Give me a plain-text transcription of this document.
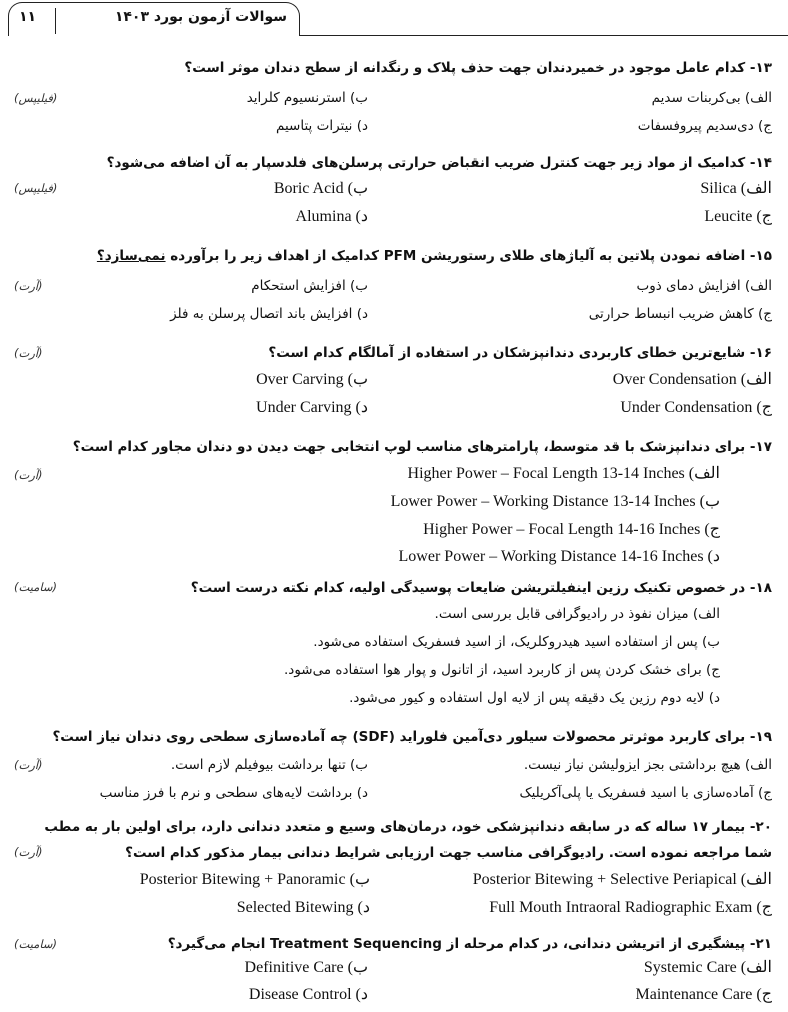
۱۱	سوالات آزمون بورد ۱۴۰۳
۱۳- کدام عامل موجود در خمیردندان جهت حذف پلاک و رنگدانه از سطح دندان موثر است؟
(فیلیپس)	الف) بی‌کربنات سدیم
ب) استرنسیوم کلراید
ج) دی‌سدیم پیروفسفات
د) نیترات پتاسیم
۱۴- کدامیک از مواد زیر جهت کنترل ضریب انقباض حرارتی پرسلن‌های فلدسپار به آن اضافه می‌شود؟
(فیلیپس)	الف) Silica
ب) Boric Acid
ج) Leucite
د) Alumina
۱۵- اضافه نمودن پلاتین به آلیاژهای طلای رستوریشن PFM کدامیک از اهداف زیر را برآورده نمی‌سازد؟
(آرت)	الف) افزایش دمای ذوب
ب) افزایش استحکام
ج) کاهش ضریب انبساط حرارتی
د) افزایش باند اتصال پرسلن به فلز
۱۶- شایع‌ترین خطای کاربردی دندانپزشکان در استفاده از آمالگام کدام است؟
(آرت)
الف) Over Condensation
ب) Over Carving
ج) Under Condensation
د) Under Carving
۱۷- برای دندانپزشک با قد متوسط، پارامترهای مناسب لوپ انتخابی جهت دیدن دو دندان مجاور کدام است؟
(آرت)	الف) Higher Power – Focal Length 13-14 Inches
ب) Lower Power – Working Distance 13-14 Inches
ج) Higher Power – Focal Length 14-16 Inches
د) Lower Power – Working Distance 14-16 Inches
۱۸- در خصوص تکنیک رزین اینفیلتریشن ضایعات پوسیدگی اولیه، کدام نکته درست است؟
(سامیت)
الف) میزان نفوذ در رادیوگرافی قابل بررسی است.
ب) پس از استفاده اسید هیدروکلریک، از اسید فسفریک استفاده می‌شود.
ج) برای خشک کردن پس از کاربرد اسید، از اتانول و پوار هوا استفاده می‌شود.
د) لایه دوم رزین یک دقیقه پس از لایه اول استفاده و کیور می‌شود.
۱۹- برای کاربرد موثرتر محصولات سیلور دی‌آمین فلوراید (SDF) چه آماده‌سازی سطحی روی دندان نیاز است؟
(آرت)	الف) هیچ برداشتی بجز ایزولیشن نیاز نیست.
ب) تنها برداشت بیوفیلم لازم است.
ج) آماده‌سازی با اسید فسفریک یا پلی‌آکریلیک
د) برداشت لایه‌های سطحی و نرم با فرز مناسب
۲۰- بیمار ۱۷ ساله که در سابقه دندانپزشکی خود، درمان‌های وسیع و متعدد دندانی دارد، برای اولین بار به مطب
شما مراجعه نموده است. رادیوگرافی مناسب جهت ارزیابی شرایط دندانی بیمار مذکور کدام است؟
(آرت)
الف) Posterior Bitewing + Selective Periapical
ب) Posterior Bitewing + Panoramic
ج) Full Mouth Intraoral Radiographic Exam
د) Selected Bitewing
۲۱- پیشگیری از اتریشن دندانی، در کدام مرحله از Treatment Sequencing انجام می‌گیرد؟
(سامیت)
الف) Systemic Care
ب) Definitive Care
ج) Maintenance Care
د) Disease Control
